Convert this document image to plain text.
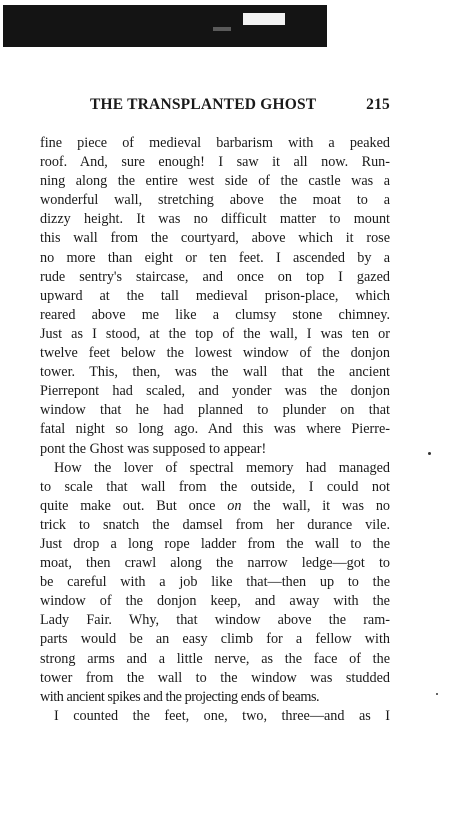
THE TRANSPLANTED GHOST	215
fine piece of medieval barbarism with a peaked
roof. And, sure enough! I saw it all now. Run-
ning along the entire west side of the castle was a
wonderful wall, stretching above the moat to a
dizzy height. It was no difficult matter to mount
this wall from the courtyard, above which it rose
no more than eight or ten feet. I ascended by a
rude sentry's staircase, and once on top I gazed
upward at the tall medieval prison-place, which
reared above me like a clumsy stone chimney.
Just as I stood, at the top of the wall, I was ten or
twelve feet below the lowest window of the donjon
tower. This, then, was the wall that the ancient
Pierrepont had scaled, and yonder was the donjon
window that he had planned to plunder on that
fatal night so long ago. And this was where Pierre-
pont the Ghost was supposed to appear!
How the lover of spectral memory had managed
to scale that wall from the outside, I could not
quite make out. But once on the wall, it was no
trick to snatch the damsel from her durance vile.
Just drop a long rope ladder from the wall to the
moat, then crawl along the narrow ledge—got to
be careful with a job like that—then up to the
window of the donjon keep, and away with the
Lady Fair. Why, that window above the ram-
parts would be an easy climb for a fellow with
strong arms and a little nerve, as the face of the
tower from the wall to the window was studded
with ancient spikes and the projecting ends of beams.
I counted the feet, one, two, three—and as I
